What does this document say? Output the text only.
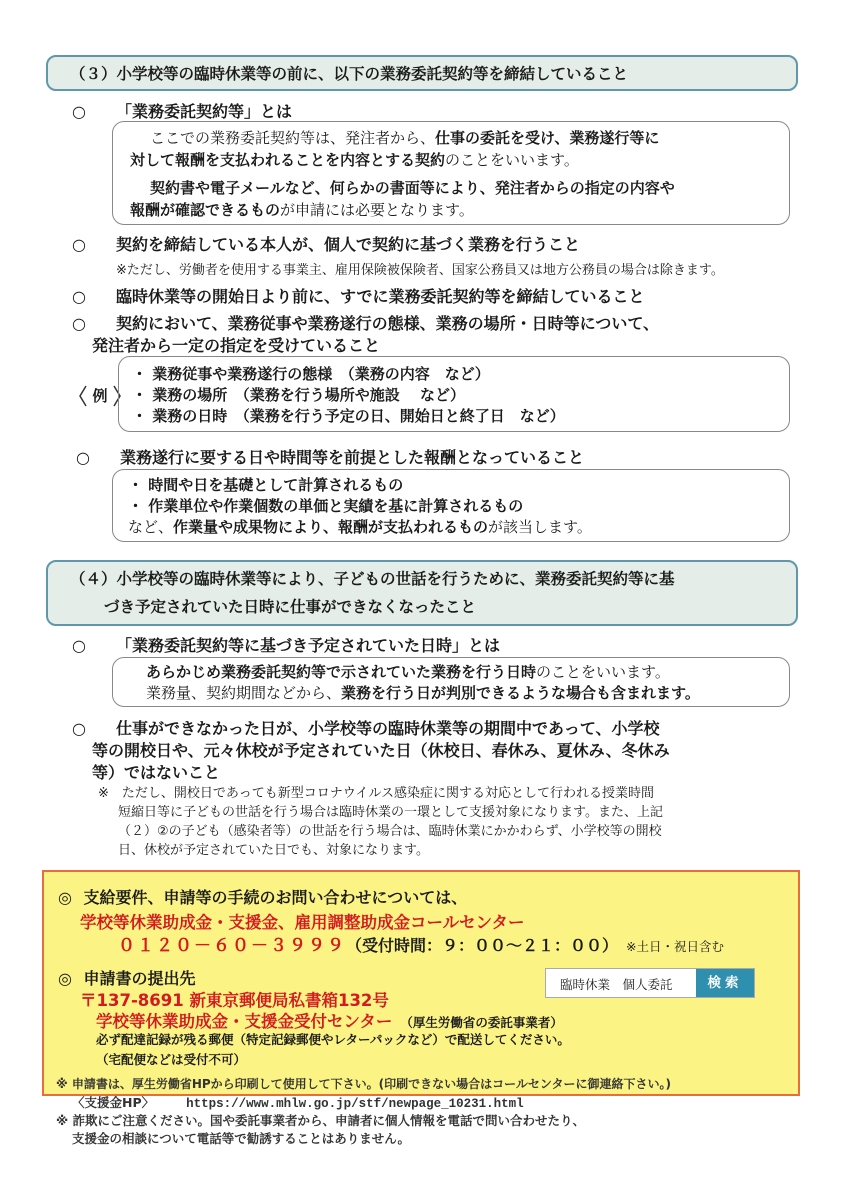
（３）小学校等の臨時休業等の前に、以下の業務委託契約等を締結していること
○ 「業務委託契約等」とは
ここでの業務委託契約等は、発注者から、仕事の委託を受け、業務遂行等に
対して報酬を支払われることを内容とする契約のことをいいます。
契約書や電子メールなど、何らかの書面等により、発注者からの指定の内容や
報酬が確認できるものが申請には必要となります。
○ 契約を締結している本人が、個人で契約に基づく業務を行うこと
※ただし、労働者を使用する事業主、雇用保険被保険者、国家公務員又は地方公務員の場合は除きます。
○ 臨時休業等の開始日より前に、すでに業務委託契約等を締結していること
○ 契約において、業務従事や業務遂行の態様、業務の場所・日時等について、
発注者から一定の指定を受けていること
例
・ 業務従事や業務遂行の態様　（業務の内容　など）
・ 業務の場所　（業務を行う場所や施設　 など）
・ 業務の日時　（業務を行う予定の日、開始日と終了日　など）
○ 業務遂行に要する日や時間等を前提とした報酬となっていること
・ 時間や日を基礎として計算されるもの
・ 作業単位や作業個数の単価と実績を基に計算されるもの
など、作業量や成果物により、報酬が支払われるものが該当します。
（４）小学校等の臨時休業等により、子どもの世話を行うために、業務委託契約等に基
づき予定されていた日時に仕事ができなくなったこと
○ 「業務委託契約等に基づき予定されていた日時」とは
あらかじめ業務委託契約等で示されていた業務を行う日時のことをいいます。
業務量、契約期間などから、業務を行う日が判別できるような場合も含まれます。
○ 仕事ができなかった日が、小学校等の臨時休業等の期間中であって、小学校
等の開校日や、元々休校が予定されていた日（休校日、春休み、夏休み、冬休み
等）ではないこと
※　ただし、開校日であっても新型コロナウイルス感染症に関する対応として行われる授業時間
短縮日等に子どもの世話を行う場合は臨時休業の一環として支援対象になります。また、上記
（２）②の子ども（感染者等）の世話を行う場合は、臨時休業にかかわらず、小学校等の開校
日、休校が予定されていた日でも、対象になります。
◎ 支給要件、申請等の手続のお問い合わせについては、
学校等休業助成金・支援金、雇用調整助成金コールセンター
０１２０－６０－３９９９（受付時間：９：００～２１：００） ※土日・祝日含む
◎ 申請書の提出先
〒137-8691 新東京郵便局私書箱132号
学校等休業助成金・支援金受付センター （厚生労働省の委託事業者）
必ず配達記録が残る郵便（特定記録郵便やレターパックなど）で配送してください。
（宅配便などは受付不可）
臨時休業　個人委託	検索
※ 申請書は、厚生労働省HPから印刷して使用して下さい。(印刷できない場合はコールセンターに御連絡下さい。)
〈支援金HP〉	https://www.mhlw.go.jp/stf/newpage_10231.html
※ 詐欺にご注意ください。国や委託事業者から、申請者に個人情報を電話で問い合わせたり、
支援金の相談について電話等で勧誘することはありません。
